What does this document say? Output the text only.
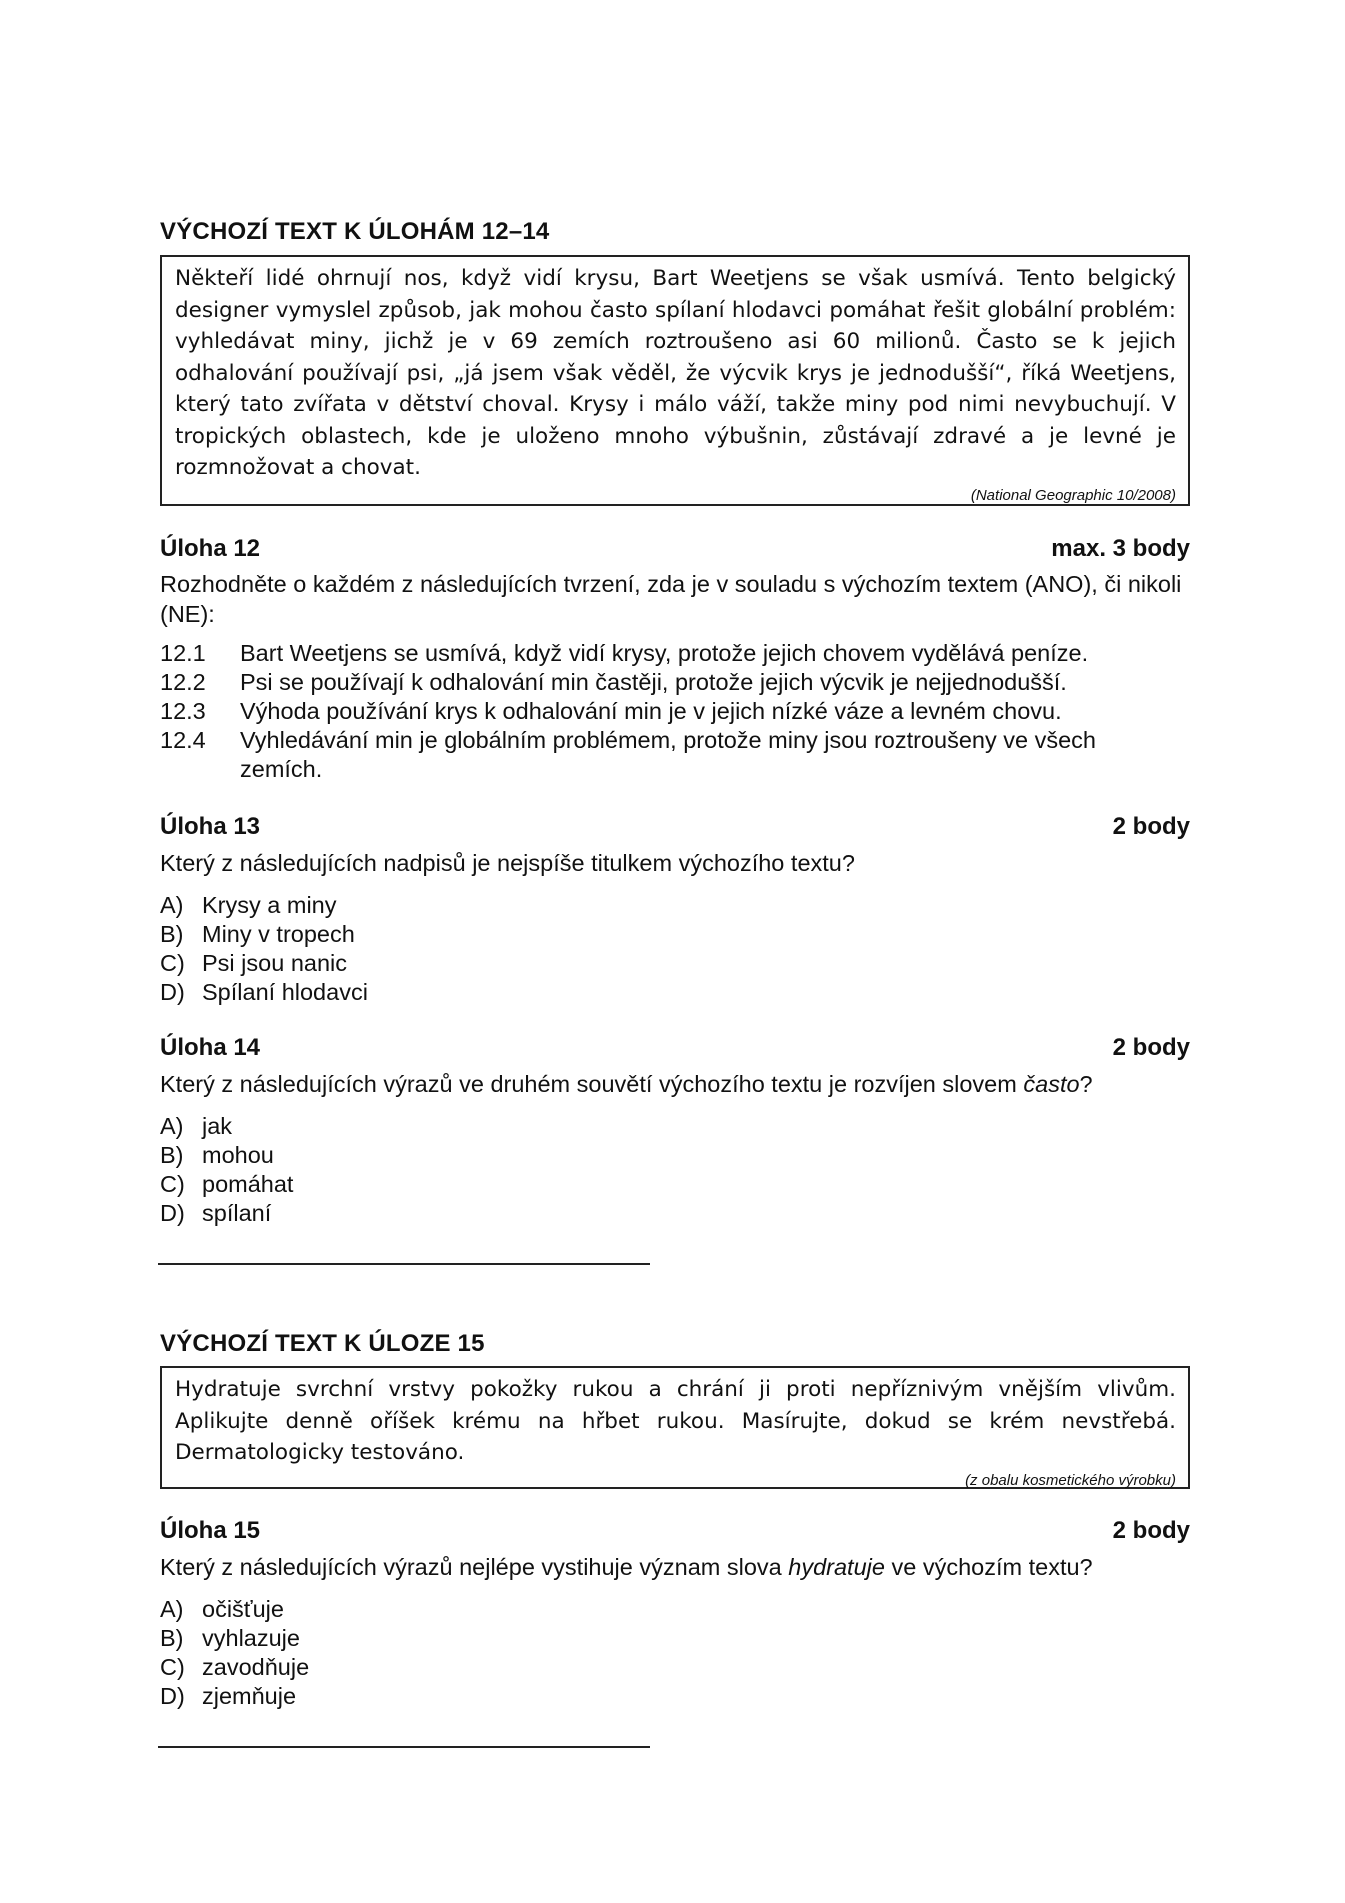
VÝCHOZÍ TEXT K ÚLOHÁM 12–14

Někteří lidé ohrnují nos, když vidí krysu, Bart Weetjens se však usmívá. Tento belgický designer vymyslel způsob, jak mohou často spílaní hlodavci pomáhat řešit globální problém: vyhledávat miny, jichž je v 69 zemích roztroušeno asi 60 milionů. Často se k jejich odhalování používají psi, „já jsem však věděl, že výcvik krys je jednodušší“, říká Weetjens, který tato zvířata v dětství choval. Krysy i málo váží, takže miny pod nimi nevybuchují. V tropických oblastech, kde je uloženo mnoho výbušnin, zůstávají zdravé a je levné je rozmnožovat a chovat.

(National Geographic 10/2008)
Úloha 12	max. 3 body
Rozhodněte o každém z následujících tvrzení, zda je v souladu s výchozím textem (ANO), či nikoli (NE):
12.1	Bart Weetjens se usmívá, když vidí krysy, protože jejich chovem vydělává peníze.
12.2	Psi se používají k odhalování min častěji, protože jejich výcvik je nejjednodušší.
12.3	Výhoda používání krys k odhalování min je v jejich nízké váze a levném chovu.
12.4	Vyhledávání min je globálním problémem, protože miny jsou roztroušeny ve všech zemích.
Úloha 13	2 body
Který z následujících nadpisů je nejspíše titulkem výchozího textu?
A) Krysy a miny
B) Miny v tropech
C) Psi jsou nanic
D) Spílaní hlodavci
Úloha 14	2 body
Který z následujících výrazů ve druhém souvětí výchozího textu je rozvíjen slovem často?
A) jak
B) mohou
C) pomáhat
D) spílaní
VÝCHOZÍ TEXT K ÚLOZE 15

Hydratuje svrchní vrstvy pokožky rukou a chrání ji proti nepříznivým vnějším vlivům. Aplikujte denně oříšek krému na hřbet rukou. Masírujte, dokud se krém nevstřebá. Dermatologicky testováno.

(z obalu kosmetického výrobku)
Úloha 15	2 body
Který z následujících výrazů nejlépe vystihuje význam slova hydratuje ve výchozím textu?
A) očišťuje
B) vyhlazuje
C) zavodňuje
D) zjemňuje
